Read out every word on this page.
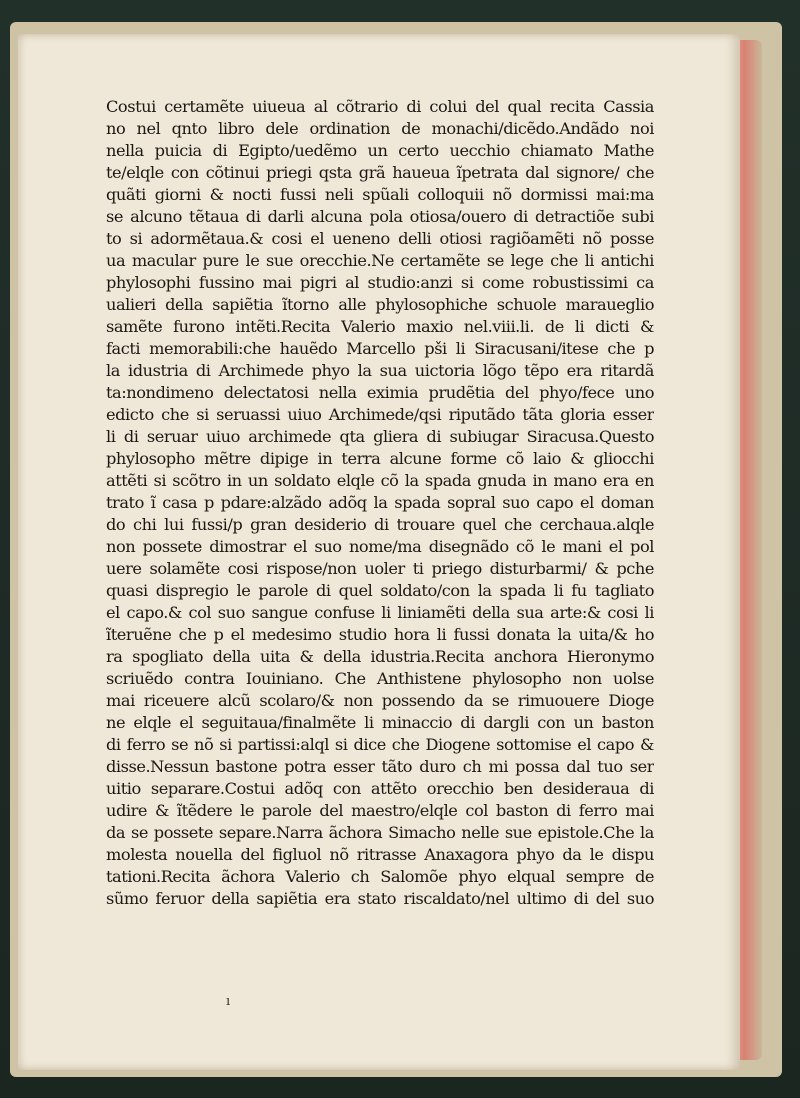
Costui certamẽte uiueua al cõtrario di colui del qual recita Cassia
no nel qnto libro dele ordination de monachi/dicẽdo.Andãdo noi
nella puicia di Egipto/uedẽmo un certo uecchio chiamato Mathe
te/elqle con cõtinui priegi qsta grã haueua ĩpetrata dal signore/ che
quãti giorni & nocti fussi neli spũali colloquii nõ dormissi mai:ma
se alcuno tẽtaua di darli alcuna pola otiosa/ouero di detractiõe subi
to si adormẽtaua.& cosi el ueneno delli otiosi ragiõamẽti nõ posse
ua macular pure le sue orecchie.Ne certamẽte se lege che li antichi
phylosophi fussino mai pigri al studio:anzi si come robustissimi ca
ualieri della sapiẽtia ĩtorno alle phylosophiche schuole maraueglio
samẽte furono intẽti.Recita Valerio maxio nel.viii.li. de li dicti &
facti memorabili:che hauẽdo Marcello pši li Siracusani/itese che p
la idustria di Archimede phyo la sua uictoria lõgo tẽpo era ritardã
ta:nondimeno delectatosi nella eximia prudẽtia del phyo/fece uno
edicto che si seruassi uiuo Archimede/qsi riputãdo tãta gloria esser
li di seruar uiuo archimede qta gliera di subiugar Siracusa.Questo
phylosopho mẽtre dipige in terra alcune forme cõ laio & gliocchi
attẽti si scõtro in un soldato elqle cõ la spada gnuda in mano era en
trato ĩ casa p pdare:alzãdo adõq la spada sopral suo capo el doman
do chi lui fussi/p gran desiderio di trouare quel che cerchaua.alqle
non possete dimostrar el suo nome/ma disegnãdo cõ le mani el pol
uere solamẽte cosi rispose/non uoler ti priego disturbarmi/ & pche
quasi dispregio le parole di quel soldato/con la spada li fu tagliato
el capo.& col suo sangue confuse li liniamẽti della sua arte:& cosi li
ĩteruẽne che p el medesimo studio hora li fussi donata la uita/& ho
ra spogliato della uita & della idustria.Recita anchora Hieronymo
scriuẽdo contra Iouiniano. Che Anthistene phylosopho non uolse
mai riceuere alcũ scolaro/& non possendo da se rimuouere Dioge
ne elqle el seguitaua/finalmẽte li minaccio di dargli con un baston
di ferro se nõ si partissi:alql si dice che Diogene sottomise el capo &
disse.Nessun bastone potra esser tãto duro ch mi possa dal tuo ser
uitio separare.Costui adõq con attẽto orecchio ben desideraua di
udire & ĩtẽdere le parole del maestro/elqle col baston di ferro mai
da se possete separe.Narra ãchora Simacho nelle sue epistole.Che la
molesta nouella del figluol nõ ritrasse Anaxagora phyo da le dispu
tationi.Recita ãchora Valerio ch Salomõe phyo elqual sempre de
sũmo feruor della sapiẽtia era stato riscaldato/nel ultimo di del suo
ı
